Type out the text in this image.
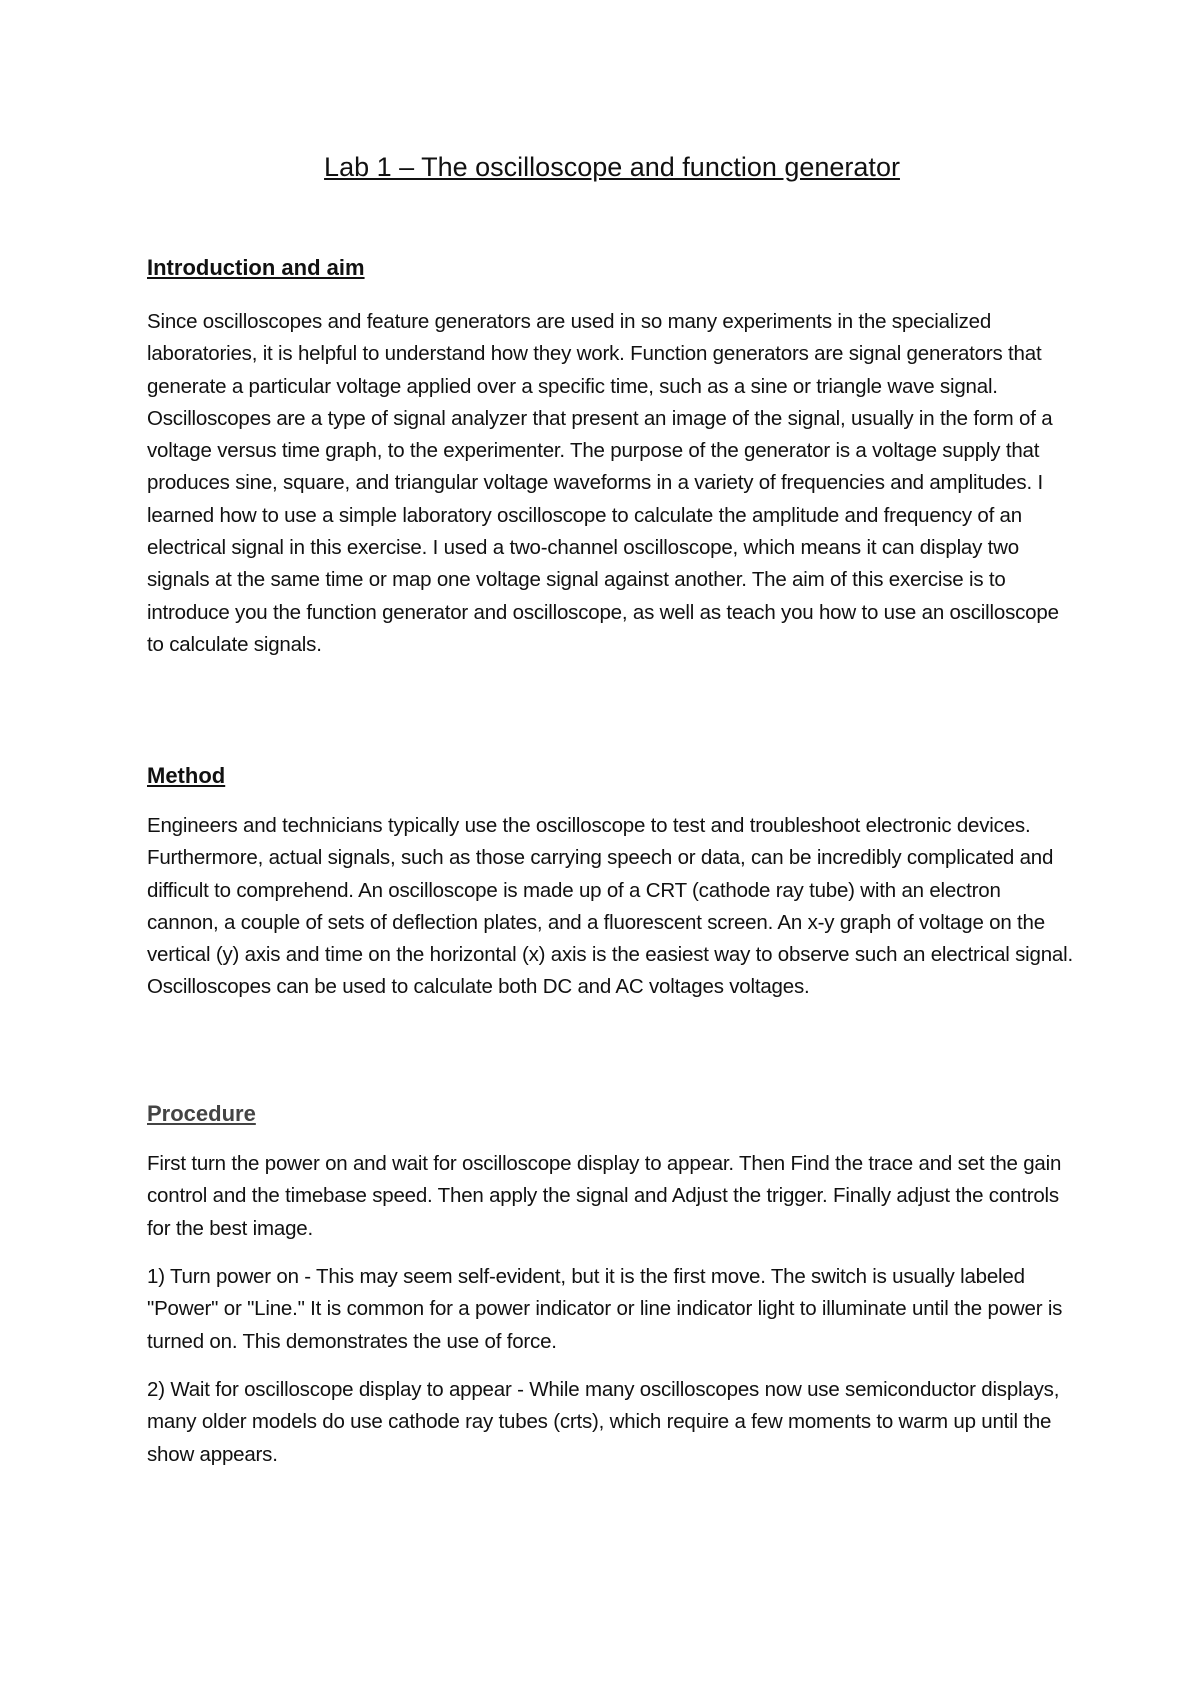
Lab 1 – The oscilloscope and function generator
Introduction and aim

Since oscilloscopes and feature generators are used in so many experiments in the specialized laboratories, it is helpful to understand how they work. Function generators are signal generators that generate a particular voltage applied over a specific time, such as a sine or triangle wave signal. Oscilloscopes are a type of signal analyzer that present an image of the signal, usually in the form of a voltage versus time graph, to the experimenter. The purpose of the generator is a voltage supply that produces sine, square, and triangular voltage waveforms in a variety of frequencies and amplitudes. I learned how to use a simple laboratory oscilloscope to calculate the amplitude and frequency of an electrical signal in this exercise. I used a two-channel oscilloscope, which means it can display two signals at the same time or map one voltage signal against another. The aim of this exercise is to introduce you the function generator and oscilloscope, as well as teach you how to use an oscilloscope to calculate signals.

Method

Engineers and technicians typically use the oscilloscope to test and troubleshoot electronic devices. Furthermore, actual signals, such as those carrying speech or data, can be incredibly complicated and difficult to comprehend. An oscilloscope is made up of a CRT (cathode ray tube) with an electron cannon, a couple of sets of deflection plates, and a fluorescent screen. An x-y graph of voltage on the vertical (y) axis and time on the horizontal (x) axis is the easiest way to observe such an electrical signal. Oscilloscopes can be used to calculate both DC and AC voltages voltages.

Procedure

First turn the power on and wait for oscilloscope display to appear. Then Find the trace and set the gain control and the timebase speed. Then apply the signal and Adjust the trigger. Finally adjust the controls for the best image.

1) Turn power on - This may seem self-evident, but it is the first move. The switch is usually labeled "Power" or "Line." It is common for a power indicator or line indicator light to illuminate until the power is turned on. This demonstrates the use of force.

2) Wait for oscilloscope display to appear - While many oscilloscopes now use semiconductor displays, many older models do use cathode ray tubes (crts), which require a few moments to warm up until the show appears.
